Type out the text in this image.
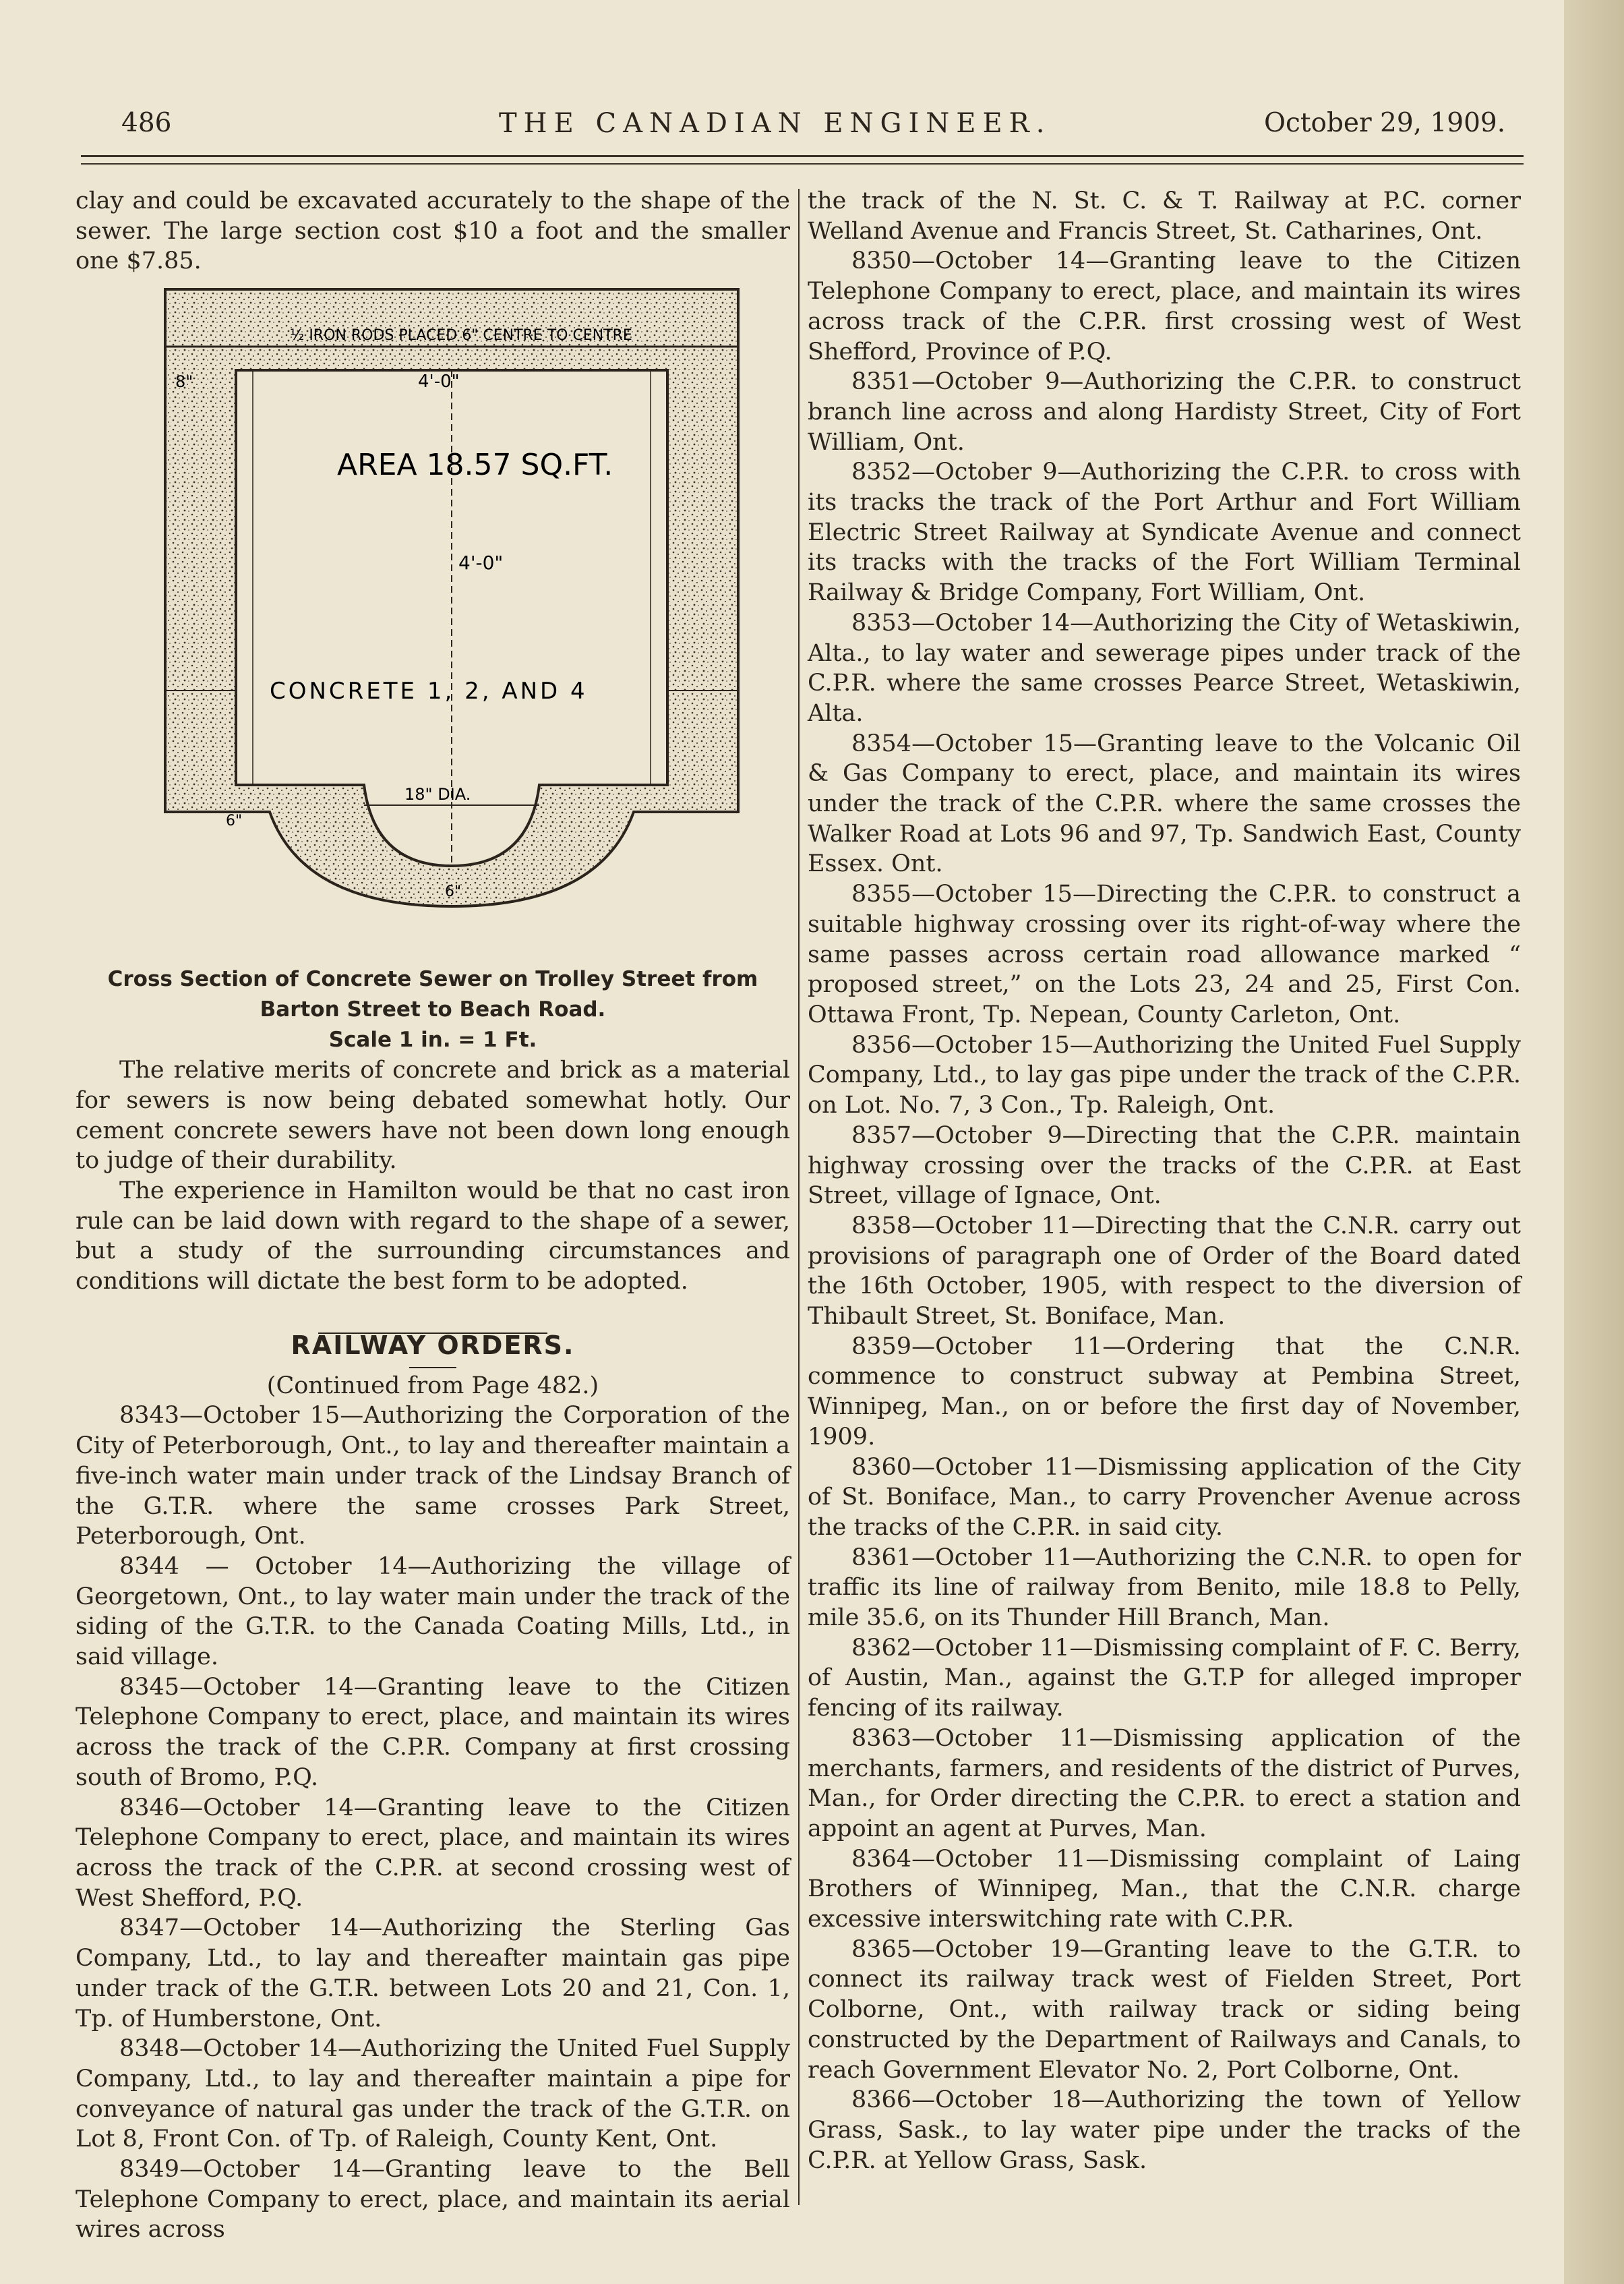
486	THE CANADIAN ENGINEER.	October 29, 1909.

clay and could be excavated accurately to the shape of the sewer. The large section cost $10 a foot and the smaller one $7.85.

½ IRON RODS PLACED 6" CENTRE TO CENTRE
4'-0"
8"
AREA 18.57 SQ.FT.
4'-0"
CONCRETE 1, 2, AND 4
18" DIA.
6"
6"
Cross Section of Concrete Sewer on Trolley Street from
Barton Street to Beach Road.
Scale 1 in. = 1 Ft.

The relative merits of concrete and brick as a material for sewers is now being debated somewhat hotly. Our cement concrete sewers have not been down long enough to judge of their durability.

The experience in Hamilton would be that no cast iron rule can be laid down with regard to the shape of a sewer, but a study of the surrounding circumstances and conditions will dictate the best form to be adopted.

RAILWAY ORDERS.

(Continued from Page 482.)

8343—October 15—Authorizing the Corporation of the City of Peterborough, Ont., to lay and thereafter maintain a five-inch water main under track of the Lindsay Branch of the G.T.R. where the same crosses Park Street, Peterborough, Ont.

8344 — October 14—Authorizing the village of Georgetown, Ont., to lay water main under the track of the siding of the G.T.R. to the Canada Coating Mills, Ltd., in said village.

8345—October 14—Granting leave to the Citizen Telephone Company to erect, place, and maintain its wires across the track of the C.P.R. Company at first crossing south of Bromo, P.Q.

8346—October 14—Granting leave to the Citizen Telephone Company to erect, place, and maintain its wires across the track of the C.P.R. at second crossing west of West Shefford, P.Q.

8347—October 14—Authorizing the Sterling Gas Company, Ltd., to lay and thereafter maintain gas pipe under track of the G.T.R. between Lots 20 and 21, Con. 1, Tp. of Humberstone, Ont.

8348—October 14—Authorizing the United Fuel Supply Company, Ltd., to lay and thereafter maintain a pipe for conveyance of natural gas under the track of the G.T.R. on Lot 8, Front Con. of Tp. of Raleigh, County Kent, Ont.

8349—October 14—Granting leave to the Bell Telephone Company to erect, place, and maintain its aerial wires across

the track of the N. St. C. & T. Railway at P.C. corner Welland Avenue and Francis Street, St. Catharines, Ont.

8350—October 14—Granting leave to the Citizen Telephone Company to erect, place, and maintain its wires across track of the C.P.R. first crossing west of West Shefford, Province of P.Q.

8351—October 9—Authorizing the C.P.R. to construct branch line across and along Hardisty Street, City of Fort William, Ont.

8352—October 9—Authorizing the C.P.R. to cross with its tracks the track of the Port Arthur and Fort William Electric Street Railway at Syndicate Avenue and connect its tracks with the tracks of the Fort William Terminal Railway & Bridge Company, Fort William, Ont.

8353—October 14—Authorizing the City of Wetaskiwin, Alta., to lay water and sewerage pipes under track of the C.P.R. where the same crosses Pearce Street, Wetaskiwin, Alta.

8354—October 15—Granting leave to the Volcanic Oil & Gas Company to erect, place, and maintain its wires under the track of the C.P.R. where the same crosses the Walker Road at Lots 96 and 97, Tp. Sandwich East, County Essex. Ont.

8355—October 15—Directing the C.P.R. to construct a suitable highway crossing over its right-of-way where the same passes across certain road allowance marked “ proposed street,” on the Lots 23, 24 and 25, First Con. Ottawa Front, Tp. Nepean, County Carleton, Ont.

8356—October 15—Authorizing the United Fuel Supply Company, Ltd., to lay gas pipe under the track of the C.P.R. on Lot. No. 7, 3 Con., Tp. Raleigh, Ont.

8357—October 9—Directing that the C.P.R. maintain highway crossing over the tracks of the C.P.R. at East Street, village of Ignace, Ont.

8358—October 11—Directing that the C.N.R. carry out provisions of paragraph one of Order of the Board dated the 16th October, 1905, with respect to the diversion of Thibault Street, St. Boniface, Man.

8359—October 11—Ordering that the C.N.R. commence to construct subway at Pembina Street, Winnipeg, Man., on or before the first day of November, 1909.

8360—October 11—Dismissing application of the City of St. Boniface, Man., to carry Provencher Avenue across the tracks of the C.P.R. in said city.

8361—October 11—Authorizing the C.N.R. to open for traffic its line of railway from Benito, mile 18.8 to Pelly, mile 35.6, on its Thunder Hill Branch, Man.

8362—October 11—Dismissing complaint of F. C. Berry, of Austin, Man., against the G.T.P for alleged improper fencing of its railway.

8363—October 11—Dismissing application of the merchants, farmers, and residents of the district of Purves, Man., for Order directing the C.P.R. to erect a station and appoint an agent at Purves, Man.

8364—October 11—Dismissing complaint of Laing Brothers of Winnipeg, Man., that the C.N.R. charge excessive interswitching rate with C.P.R.

8365—October 19—Granting leave to the G.T.R. to connect its railway track west of Fielden Street, Port Colborne, Ont., with railway track or siding being constructed by the Department of Railways and Canals, to reach Government Elevator No. 2, Port Colborne, Ont.

8366—October 18—Authorizing the town of Yellow Grass, Sask., to lay water pipe under the tracks of the C.P.R. at Yellow Grass, Sask.
